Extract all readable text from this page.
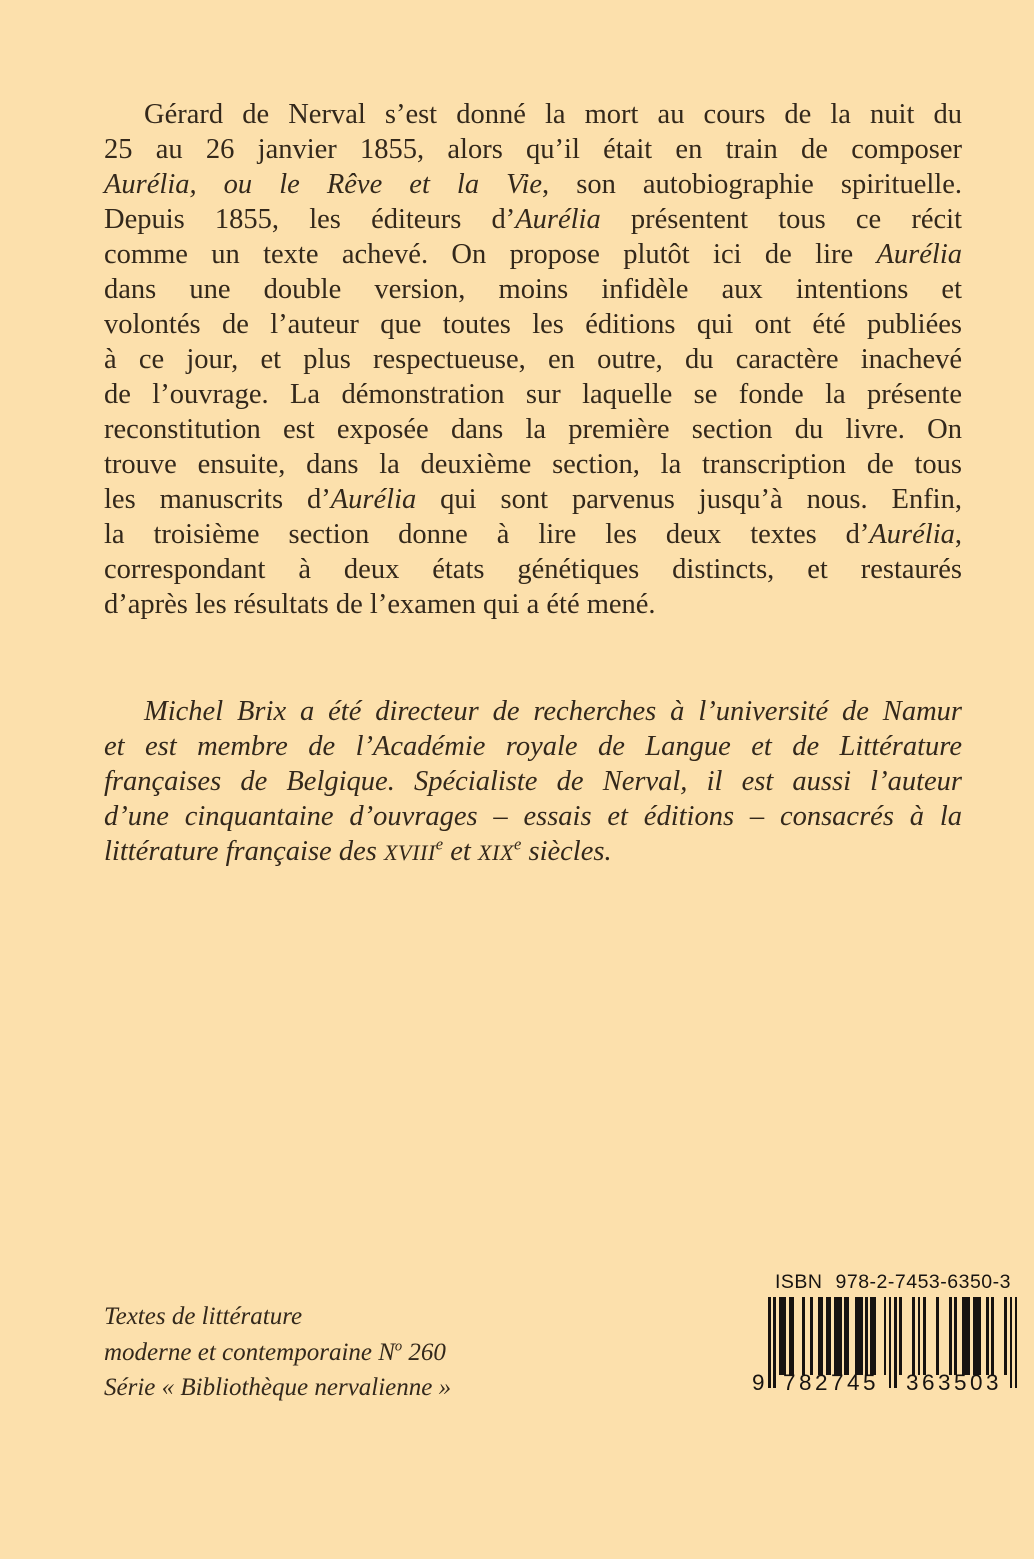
Gérard de Nerval s’est donné la mort au cours de la nuit du
25 au 26 janvier 1855, alors qu’il était en train de composer
Aurélia, ou le Rêve et la Vie, son autobiographie spirituelle.
Depuis 1855, les éditeurs d’Aurélia présentent tous ce récit
comme un texte achevé. On propose plutôt ici de lire Aurélia
dans une double version, moins infidèle aux intentions et
volontés de l’auteur que toutes les éditions qui ont été publiées
à ce jour, et plus respectueuse, en outre, du caractère inachevé
de l’ouvrage. La démonstration sur laquelle se fonde la présente
reconstitution est exposée dans la première section du livre. On
trouve ensuite, dans la deuxième section, la transcription de tous
les manuscrits d’Aurélia qui sont parvenus jusqu’à nous. Enfin,
la troisième section donne à lire les deux textes d’Aurélia,
correspondant à deux états génétiques distincts, et restaurés
d’après les résultats de l’examen qui a été mené.
Michel Brix a été directeur de recherches à l’université de Namur
et est membre de l’Académie royale de Langue et de Littérature
françaises de Belgique. Spécialiste de Nerval, il est aussi l’auteur
d’une cinquantaine d’ouvrages – essais et éditions – consacrés à la
littérature française des XVIIIe et XIXe siècles.
Textes de littérature
moderne et contemporaine $N^o$ 260
Série « Bibliothèque nervalienne »
ISBN 978-2-7453-6350-3
9 782745 363503
